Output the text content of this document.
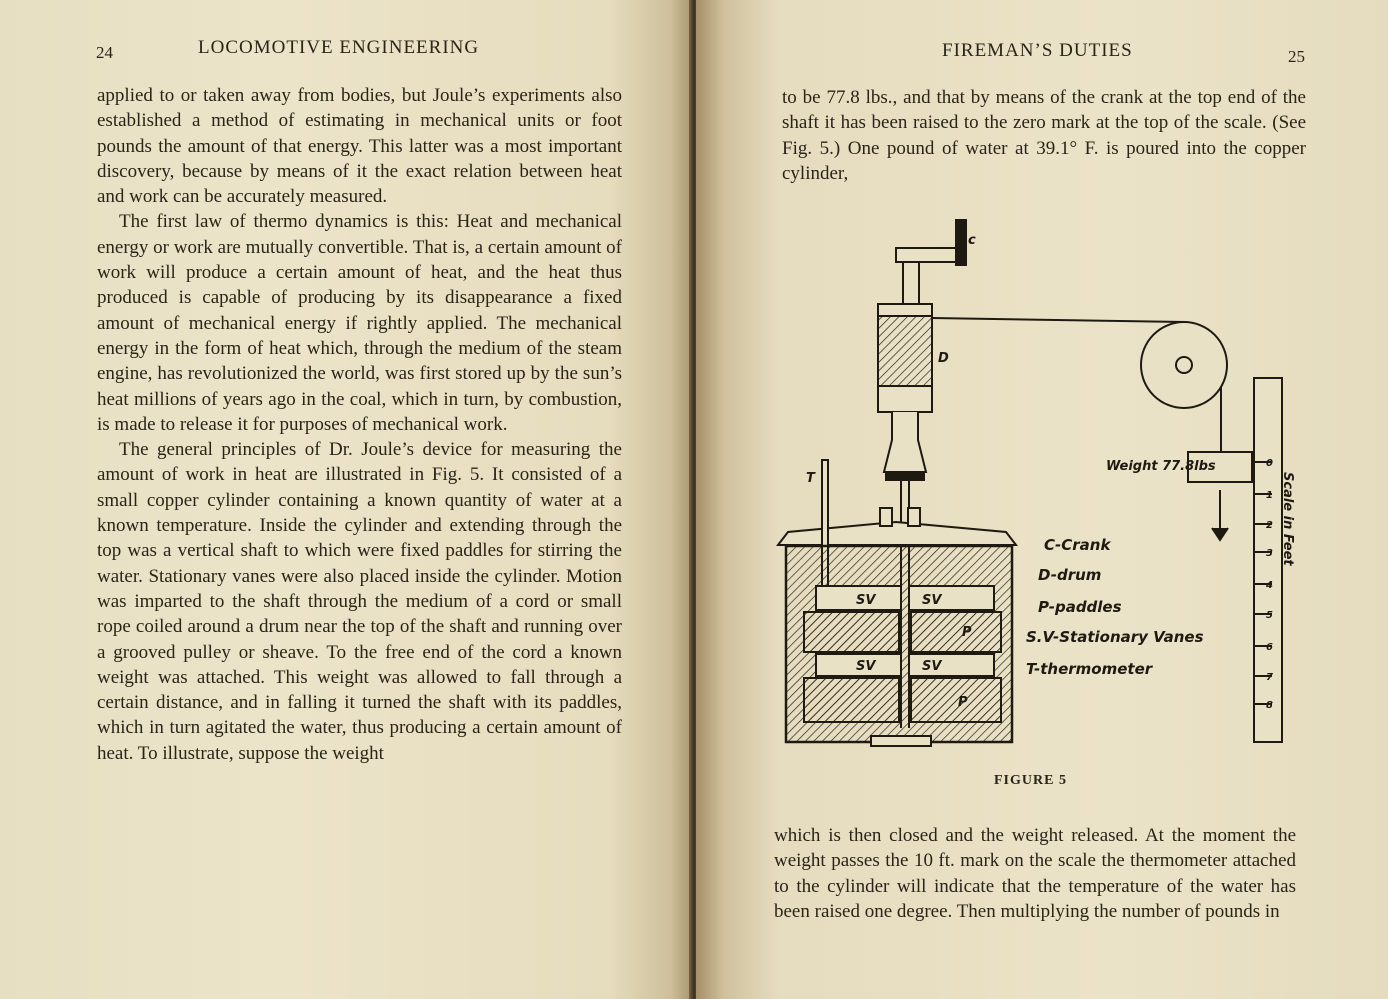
24	LOCOMOTIVE ENGINEERING

applied to or taken away from bodies, but Joule’s experiments also established a method of estimating in mechanical units or foot pounds the amount of that energy. This latter was a most important discovery, because by means of it the exact relation between heat and work can be accurately measured.

The first law of thermo dynamics is this: Heat and mechanical energy or work are mutually convertible. That is, a certain amount of work will produce a certain amount of heat, and the heat thus produced is capable of producing by its disappearance a fixed amount of mechanical energy if rightly applied. The mechanical energy in the form of heat which, through the medium of the steam engine, has revolutionized the world, was first stored up by the sun’s heat millions of years ago in the coal, which in turn, by combustion, is made to release it for purposes of mechanical work.

The general principles of Dr. Joule’s device for measuring the amount of work in heat are illustrated in Fig. 5. It consisted of a small copper cylinder containing a known quantity of water at a known temperature. Inside the cylinder and extending through the top was a vertical shaft to which were fixed paddles for stirring the water. Stationary vanes were also placed inside the cylinder. Motion was imparted to the shaft through the medium of a cord or small rope coiled around a drum near the top of the shaft and running over a grooved pulley or sheave. To the free end of the cord a known weight was attached. This weight was allowed to fall through a certain distance, and in falling it turned the shaft with its paddles, which in turn agitated the water, thus producing a certain amount of heat. To illustrate, suppose the weight

FIREMAN’S DUTIES	25

to be 77.8 lbs., and that by means of the crank at the top end of the shaft it has been raised to the zero mark at the top of the scale. (See Fig. 5.) One pound of water at 39.1° F. is poured into the copper cylinder,

c
D
T
Weight 77.8lbs
SV	SV
SV	SV
P
P
Scale in Feet
0
1
2
3
4
5
6
7
8
C-Crank
D-drum
P-paddles
S.V-Stationary Vanes
T-thermometer
FIGURE 5

which is then closed and the weight released. At the moment the weight passes the 10 ft. mark on the scale the thermometer attached to the cylinder will indicate that the temperature of the water has been raised one degree. Then multiplying the number of pounds in
